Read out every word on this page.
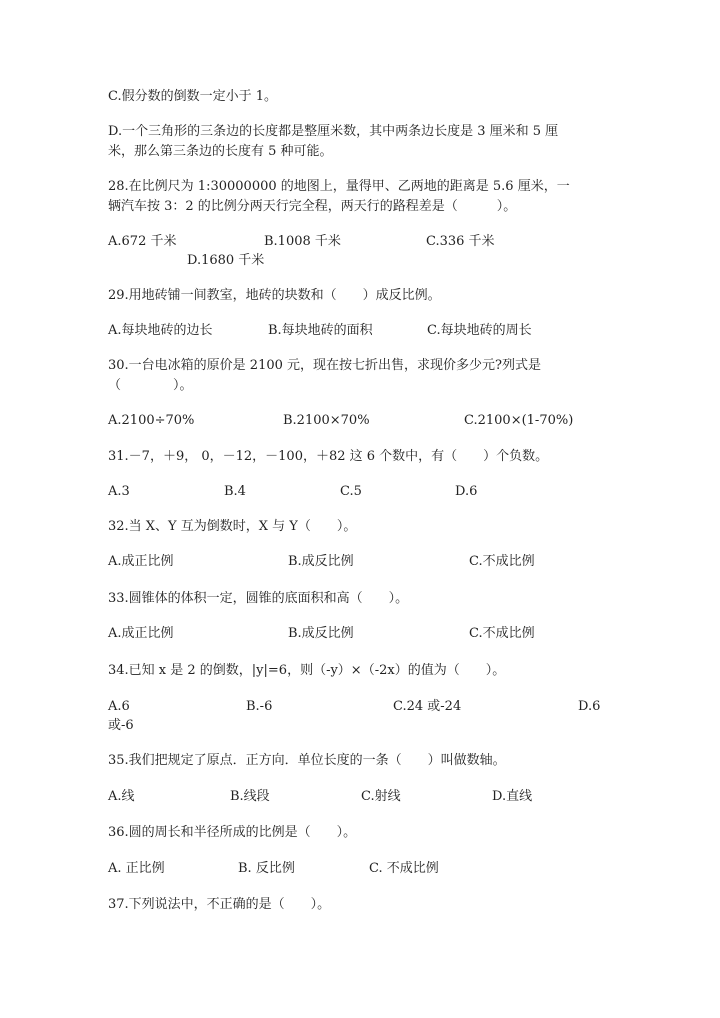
C.假分数的倒数一定小于 1。
D.一个三角形的三条边的长度都是整厘米数，其中两条边长度是 3 厘米和 5 厘
米，那么第三条边的长度有 5 种可能。
28.在比例尺为 1:30000000 的地图上，量得甲、乙两地的距离是 5.6 厘米，一
辆汽车按 3：2 的比例分两天行完全程，两天行的路程差是（　　　）。
A.672 千米	B.1008 千米	C.336 千米
D.1680 千米
29.用地砖铺一间教室，地砖的块数和（　　）成反比例。
A.每块地砖的边长	B.每块地砖的面积	C.每块地砖的周长
30.一台电冰箱的原价是 2100 元，现在按七折出售，求现价多少元?列式是
（　　　　）。
A.2100÷70%	B.2100×70%	C.2100×(1-70%)
31.－7，＋9， 0，－12，－100，＋82 这 6 个数中，有（　　）个负数。
A.3	B.4	C.5	D.6
32.当 X、Y 互为倒数时，X 与 Y（　　）。
A.成正比例	B.成反比例	C.不成比例
33.圆锥体的体积一定，圆锥的底面积和高（　　）。
A.成正比例	B.成反比例	C.不成比例
34.已知 x 是 2 的倒数，|y|=6，则（-y）×（-2x）的值为（　　）。
A.6	B.-6	C.24 或-24	D.6
或-6
35.我们把规定了原点．正方向．单位长度的一条（　　）叫做数轴。
A.线	B.线段	C.射线	D.直线
36.圆的周长和半径所成的比例是（　　）。
A. 正比例	B. 反比例	C. 不成比例
37.下列说法中，不正确的是（　　）。
